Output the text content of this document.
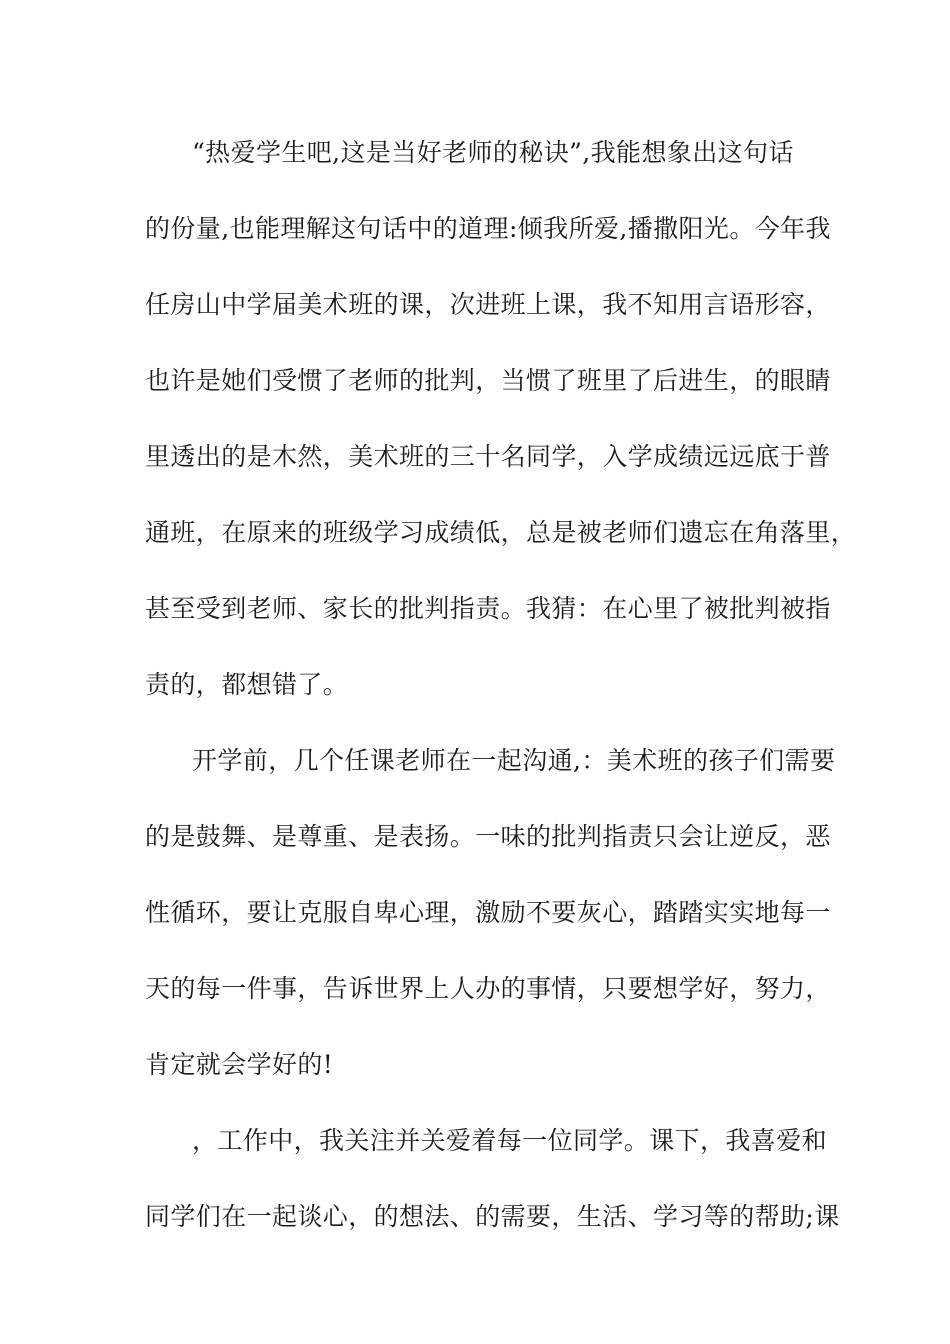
“热爱学生吧,这是当好老师的秘诀”,我能想象出这句话
的份量,也能理解这句话中的道理:倾我所爱,播撒阳光。今年我
任房山中学届美术班的课，次进班上课，我不知用言语形容，
也许是她们受惯了老师的批判，当惯了班里了后进生，的眼睛
里透出的是木然，美术班的三十名同学，入学成绩远远底于普
通班，在原来的班级学习成绩低，总是被老师们遗忘在角落里，
甚至受到老师、家长的批判指责。我猜：在心里了被批判被指
责的，都想错了。
开学前，几个任课老师在一起沟通,：美术班的孩子们需要
的是鼓舞、是尊重、是表扬。一味的批判指责只会让逆反，恶
性循环，要让克服自卑心理，激励不要灰心，踏踏实实地每一
天的每一件事，告诉世界上人办的事情，只要想学好，努力，
肯定就会学好的!
，工作中，我关注并关爱着每一位同学。课下，我喜爱和
同学们在一起谈心，的想法、的需要，生活、学习等的帮助;课
